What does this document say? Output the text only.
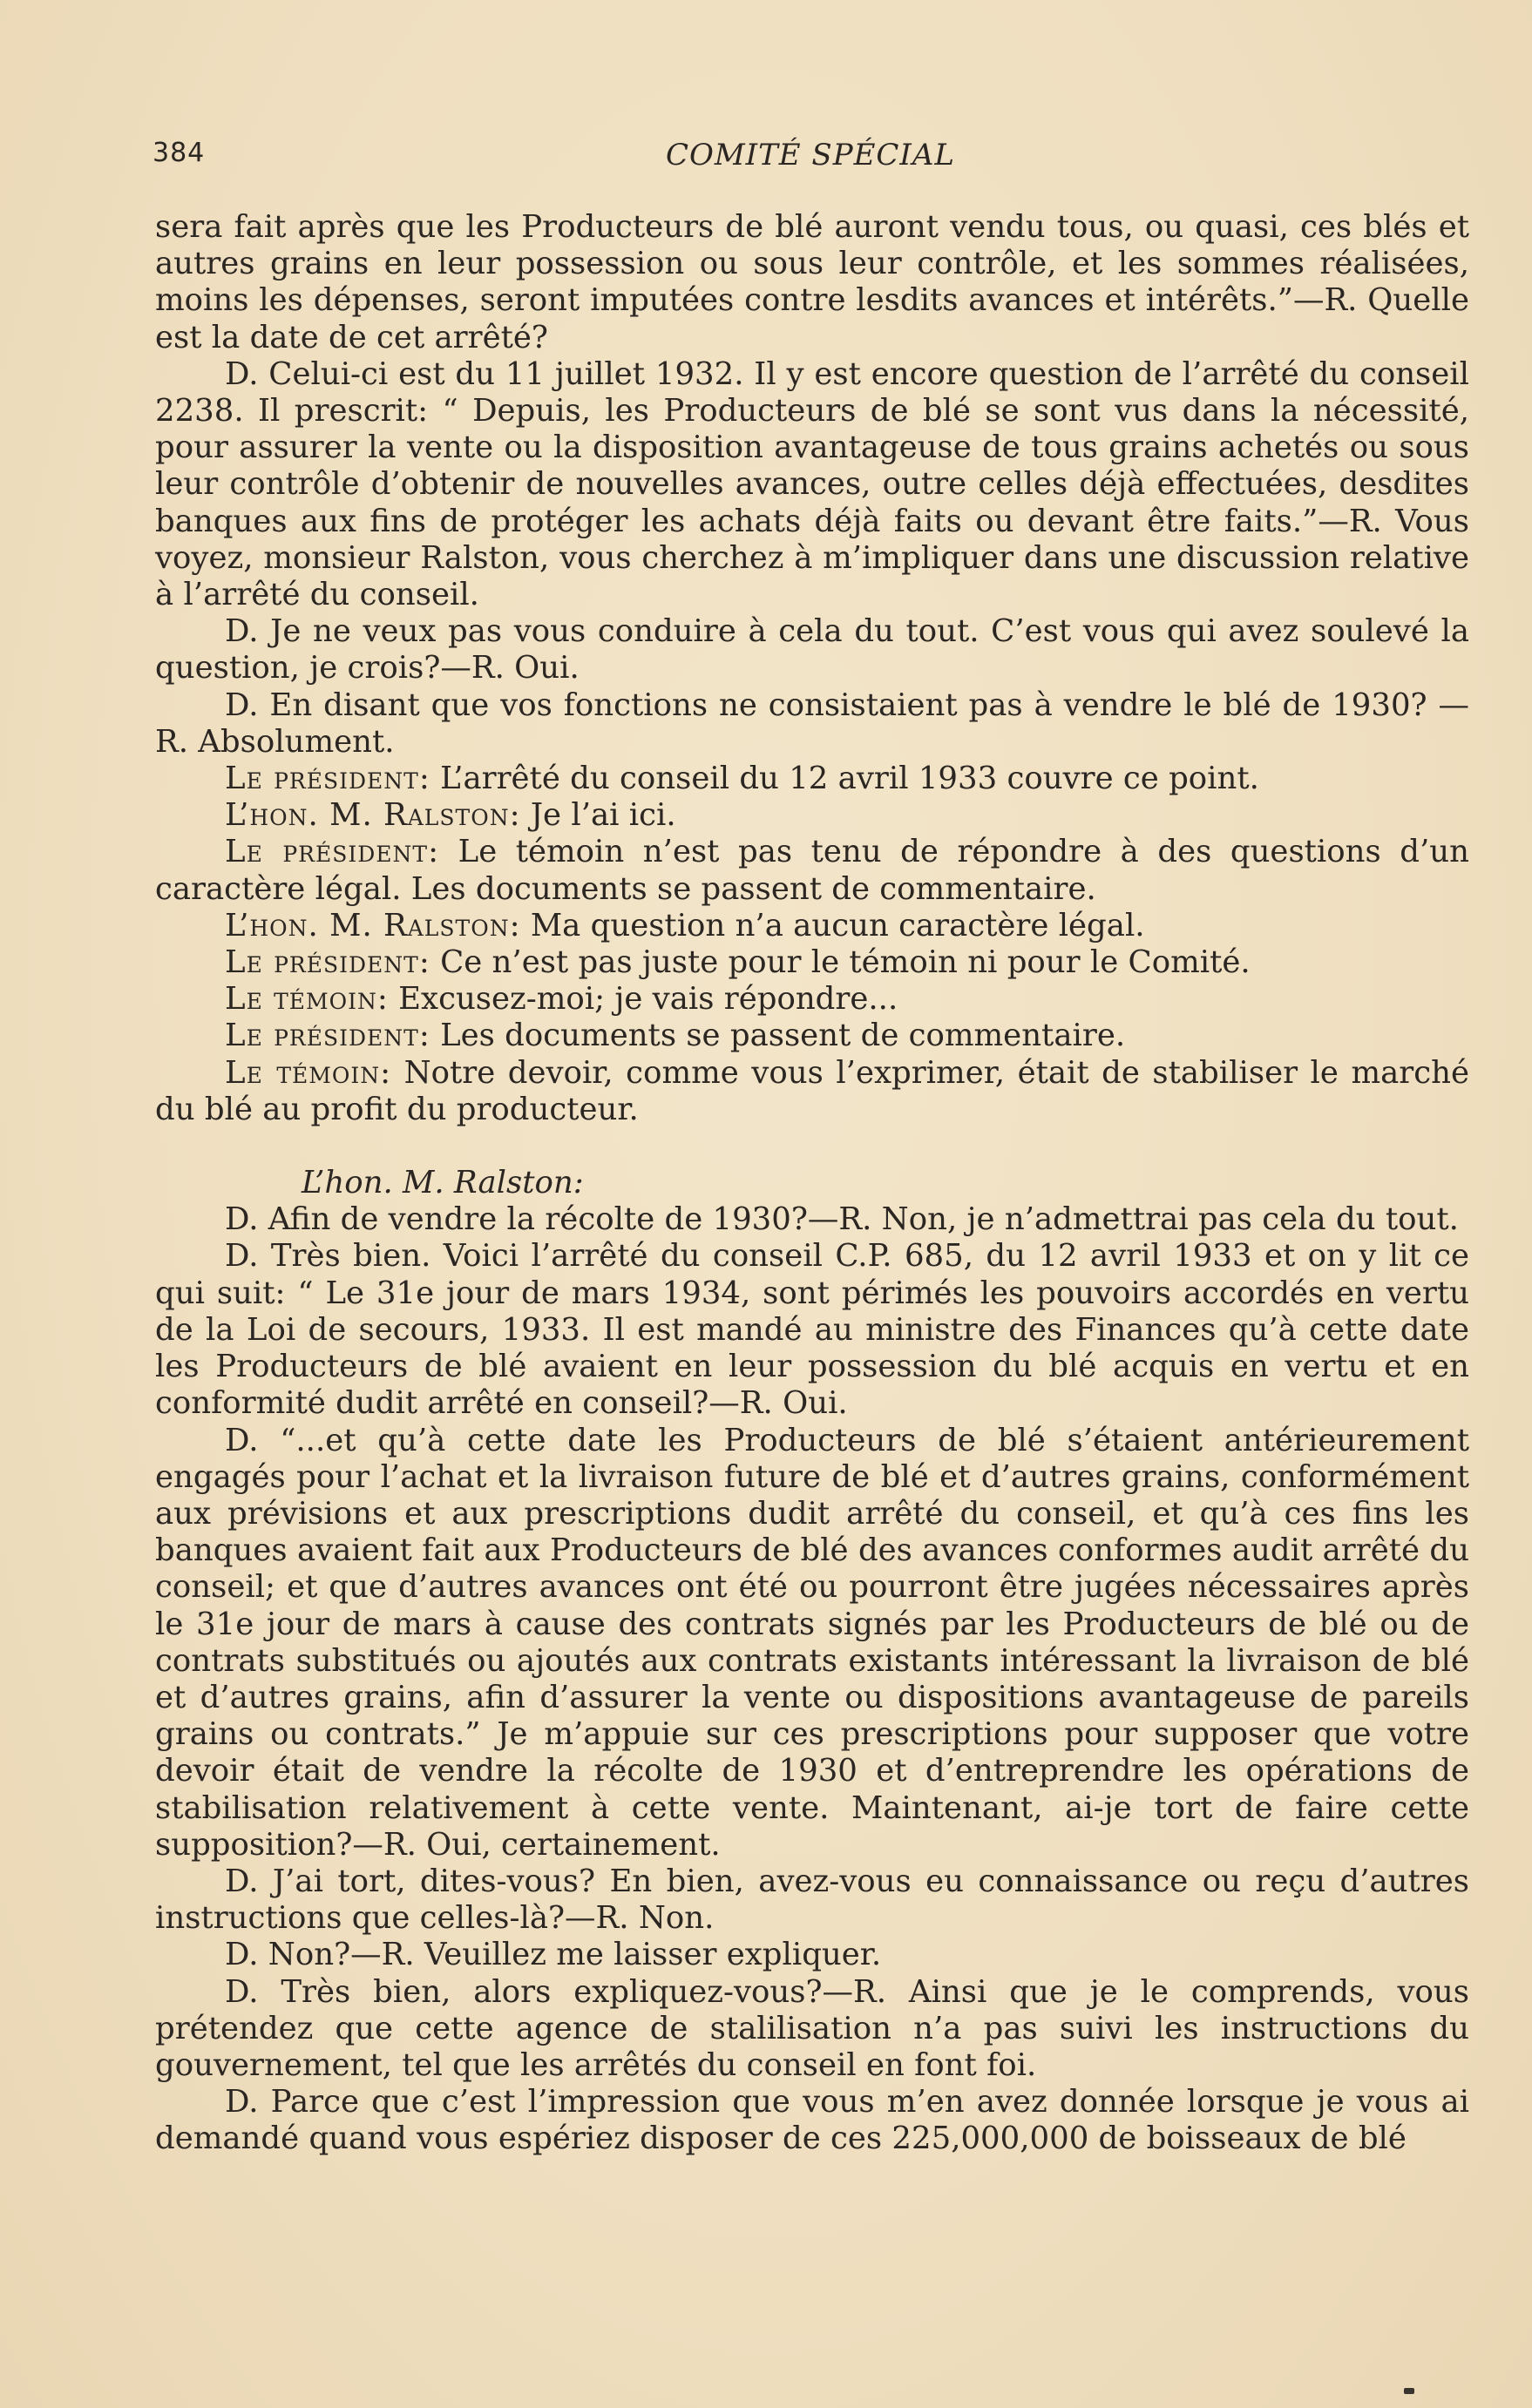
384	COMITÉ SPÉCIAL

sera fait après que les Producteurs de blé auront vendu tous, ou quasi, ces blés et autres grains en leur possession ou sous leur contrôle, et les sommes réalisées, moins les dépenses, seront imputées contre lesdits avances et intérêts.”—R. Quelle est la date de cet arrêté?

D. Celui-ci est du 11 juillet 1932. Il y est encore question de l’arrêté du conseil 2238. Il prescrit: “ Depuis, les Producteurs de blé se sont vus dans la nécessité, pour assurer la vente ou la disposition avantageuse de tous grains achetés ou sous leur contrôle d’obtenir de nouvelles avances, outre celles déjà effectuées, desdites banques aux fins de protéger les achats déjà faits ou devant être faits.”—R. Vous voyez, monsieur Ralston, vous cherchez à m’impliquer dans une discussion relative à l’arrêté du conseil.

D. Je ne veux pas vous conduire à cela du tout. C’est vous qui avez soulevé la question, je crois?—R. Oui.

D. En disant que vos fonctions ne consistaient pas à vendre le blé de 1930? —R. Absolument.

Le président: L’arrêté du conseil du 12 avril 1933 couvre ce point.

L’hon. M. Ralston: Je l’ai ici.

Le président: Le témoin n’est pas tenu de répondre à des questions d’un caractère légal. Les documents se passent de commentaire.

L’hon. M. Ralston: Ma question n’a aucun caractère légal.

Le président: Ce n’est pas juste pour le témoin ni pour le Comité.

Le témoin: Excusez-moi; je vais répondre...

Le président: Les documents se passent de commentaire.

Le témoin: Notre devoir, comme vous l’exprimer, était de stabiliser le marché du blé au profit du producteur.

L’hon. M. Ralston:

D. Afin de vendre la récolte de 1930?—R. Non, je n’admettrai pas cela du tout.

D. Très bien. Voici l’arrêté du conseil C.P. 685, du 12 avril 1933 et on y lit ce qui suit: “ Le 31e jour de mars 1934, sont périmés les pouvoirs accordés en vertu de la Loi de secours, 1933. Il est mandé au ministre des Finances qu’à cette date les Producteurs de blé avaient en leur possession du blé acquis en vertu et en conformité dudit arrêté en conseil?—R. Oui.

D. “...et qu’à cette date les Producteurs de blé s’étaient antérieurement engagés pour l’achat et la livraison future de blé et d’autres grains, conformément aux prévisions et aux prescriptions dudit arrêté du conseil, et qu’à ces fins les banques avaient fait aux Producteurs de blé des avances conformes audit arrêté du conseil; et que d’autres avances ont été ou pourront être jugées nécessaires après le 31e jour de mars à cause des contrats signés par les Producteurs de blé ou de contrats substitués ou ajoutés aux contrats existants intéressant la livraison de blé et d’autres grains, afin d’assurer la vente ou dispositions avantageuse de pareils grains ou contrats.” Je m’appuie sur ces prescriptions pour supposer que votre devoir était de vendre la récolte de 1930 et d’entreprendre les opérations de stabilisation relativement à cette vente. Maintenant, ai-je tort de faire cette supposition?—R. Oui, certainement.

D. J’ai tort, dites-vous? En bien, avez-vous eu connaissance ou reçu d’autres instructions que celles-là?—R. Non.

D. Non?—R. Veuillez me laisser expliquer.

D. Très bien, alors expliquez-vous?—R. Ainsi que je le comprends, vous prétendez que cette agence de stalilisation n’a pas suivi les instructions du gouvernement, tel que les arrêtés du conseil en font foi.

D. Parce que c’est l’impression que vous m’en avez donnée lorsque je vous ai demandé quand vous espériez disposer de ces 225,000,000 de boisseaux de blé
